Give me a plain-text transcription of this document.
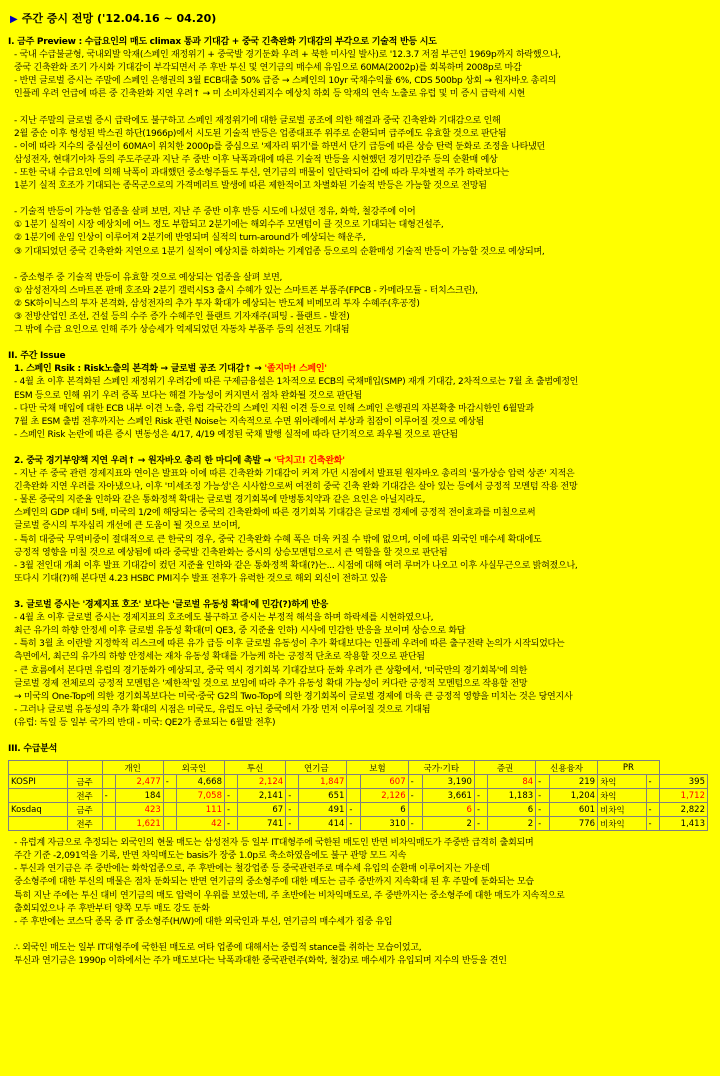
▶ 주간 증시 전망 ('12.04.16 ~ 04.20)
I. 금주 Preview : 수급요인의 매도 climax 통과 기대감 + 중국 긴축완화 기대감의 부각으로 기술적 반등 시도
- 국내 수급불균형, 국내외발 악재(스페인 재정위기 + 중국발 경기둔화 우려 + 북한 미사일 발사)로 '12.3.7 저점 부근인 1969p까지 하락했으나,
중국 긴축완화 조기 가시화 기대감이 부각되면서 주 후반 투신 및 연기금의 매수세 유입으로 60MA(2002p)를 회복하며 2008p로 마감
- 반면 글로벌 증시는 주말에 스페인 은행권의 3월 ECB대출 50% 급증 → 스페인의 10yr 국채수익률 6%, CDS 500bp 상회 → 원자바오 총리의
인플레 우려 언급에 따른 중 긴축완화 지연 우려↑ → 미 소비자신뢰지수 예상치 하회 등 악재의 연속 노출로 유럽 및 미 증시 급락세 시현
- 지난 주말의 글로벌 증시 급락에도 불구하고 스페인 재정위기에 대한 글로벌 공조에 의한 해결과 중국 긴축완화 기대감으로 인해
2월 중순 이후 형성된 박스권 하단(1966p)에서 시도된 기술적 반등은 업종대표주 위주로 순환되며 급주에도 유효할 것으로 판단됨
- 이에 따라 지수의 중심선이 60MA이 위치한 2000p를 중심으로 '제자리 뛰기'를 하면서 단기 급등에 따른 상승 탄력 둔화로 조정을 나타냈던
삼성전자, 현대기아차 등의 주도주군과 지난 주 중반 이후 낙폭과대에 따른 기술적 반등을 시현했던 경기민감주 등의 순환매 예상
- 또한 국내 수급요인에 의해 낙폭이 과대했던 중소형주들도 투신, 연기금의 매물이 일단락되어 감에 따라 무차별적 주가 하락보다는
1분기 실적 호조가 기대되는 종목군으로의 가격메리트 발생에 따른 제한적이고 차별화된 기술적 반등은 가능할 것으로 전망됨
- 기술적 반등이 가능한 업종을 살펴 보면, 지난 주 중반 이후 반등 시도에 나섰던 정유, 화학, 철강주에 이어
① 1분기 실적이 시장 예상치에 어느 정도 부합되고 2분기에는 해외수주 모멘텀이 클 것으로 기대되는 대형건설주,
② 1분기에 운임 인상이 이루어져 2분기에 반영되며 실적의 turn-around가 예상되는 해운주,
③ 기대되었던 중국 긴축완화 지연으로 1분기 실적이 예상치를 하회하는 기계업종 등으로의 순환매성 기술적 반등이 가능할 것으로 예상되며,
- 중소형주 중 기술적 반등이 유효할 것으로 예상되는 업종을 살펴 보면,
① 삼성전자의 스마트폰 판매 호조와 2분기 갤럭시S3 출시 수혜가 있는 스마트폰 부품주(FPCB - 카메라모듈 - 터치스크린),
② SK하이닉스의 투자 본격화, 삼성전자의 추가 투자 확대가 예상되는 반도체 비메모리 투자 수혜주(후공정)
③ 전방산업인 조선, 건설 등의 수주 증가 수혜주인 플랜트 기자재주(피팅 - 플랜트 - 발전)
그 밖에 수급 요인으로 인해 주가 상승세가 억제되었던 자동차 부품주 등의 선전도 기대됨
II. 주간 Issue
1. 스페인 Rsik : Risk노출의 본격화 → 글로벌 공조 기대감↑ → '졸지마! 스페인'
- 4월 초 이후 본격화된 스페인 재정위기 우려감에 따른 구제금융설은 1차적으로 ECB의 국채매입(SMP) 재개 기대감, 2차적으로는 7월 초 출범예정인
ESM 등으로 인해 위기 우려 증폭 보다는 해결 가능성이 커지면서 점차 완화될 것으로 판단됨
- 다만 국채 매입에 대한 ECB 내부 이견 노출, 유럽 각국간의 스페인 지원 이견 등으로 인해 스페인 은행권의 자본확충 마감시한인 6월말과
7월 초 ESM 출범 전후까지는 스페인 Risk 관련 Noise는 지속적으로 수면 위아래에서 부상과 침잠이 이루어질 것으로 예상됨
- 스페인 Risk 논란에 따른 증시 변동성은 4/17, 4/19 예정된 국채 발행 실적에 따라 단기적으로 좌우될 것으로 판단됨
2. 중국 경기부양책 지연 우려↑ → 원자바오 총리 한 마디에 촉발 → '닥치고! 긴축완화'
- 지난 주 중국 관련 경제지표와 연이은 발표와 이에 따른 긴축완화 기대감이 커져 가던 시점에서 발표된 원자바오 총리의 '물가상승 압력 상존' 지적은
긴축완화 지연 우려를 자아냈으나, 이후 '미세조정 가능성'은 시사함으로써 여전히 중국 긴축 완화 기대감은 살아 있는 등에서 긍정적 모멘텀 작용 전망
- 물론 중국의 지준율 인하와 같은 통화정책 확대는 글로벌 경기회복에 만병통치약과 같은 요인은 아닐지라도,
스페인의 GDP 대비 5배, 미국의 1/2에 해당되는 중국의 긴축완화에 따른 경기회복 기대감은 글로벌 경제에 긍정적 전이효과를 미칠으로써
글로벌 증시의 투자심리 개선에 큰 도움이 될 것으로 보이며,
- 특히 대중국 무역비중이 절대적으로 큰 한국의 경우, 중국 긴축완화 수혜 폭은 더욱 커질 수 밖에 없으며, 이에 따른 외국인 매수세 확대에도
긍정적 영향을 미칠 것으로 예상됨에 따라 중국발 긴축완화는 증시의 상승모멘텀으로서 큰 역할을 할 것으로 판단됨
- 3월 전인대 개최 이후 발표 기대감이 컸던 지준율 인하와 같은 통화정책 확대(?)는... 시점에 대해 여러 루머가 나오고 이후 사실무근으로 밝혀졌으나,
또다시 기대(?)해 본다면 4.23 HSBC PMI지수 발표 전후가 유력한 것으로 해외 외신이 전하고 있음
3. 글로벌 증시는 '경제지표 호조' 보다는 '글로벌 유동성 확대'에 민감(?)하게 반응
- 4월 초 이후 글로벌 증시는 경제지표의 호조에도 불구하고 증시는 부정적 해석을 하며 하락세를 시현하였으나,
최근 유가의 하향 안정세 이후 글로벌 유동성 확대(미 QE3, 중 지준율 인하) 시사에 민감한 반응을 보이며 상승으로 화답
- 특히 3월 초 이란발 지정학적 리스크에 따른 유가 급등 이후 글로벌 유동성이 추가 확대보다는 인플레 우려에 따른 출구전략 논의가 시작되었다는
측면에서, 최근의 유가의 하향 안정세는 재차 유동성 확대를 가능케 하는 긍정적 단초로 작용할 것으로 판단됨
- 큰 흐름에서 본다면 유럽의 경기둔화가 예상되고, 중국 역시 경기회복 기대감보다 둔화 우려가 큰 상황에서, '미국만의 경기회복'에 의한
글로벌 경제 전체로의 긍정적 모멘텀은 '제한적'일 것으로 보임에 따라 추가 유동성 확대 가능성이 커다란 긍정적 모멘텀으로 작용할 전망
→ 미국의 One-Top에 의한 경기회복보다는 미국·중국 G2의 Two-Top에 의한 경기회복이 글로벌 경제에 더욱 큰 긍정적 영향을 미치는 것은 당연지사
- 그러나 글로벌 유동성의 추가 확대의 시점은 미국도, 유럽도 아닌 중국에서 가장 먼저 이루어질 것으로 기대됨
(유럽: 독일 등 일부 국가의 반대 - 미국: QE2가 종료되는 6월말 전후)
III. 수급분석
		개인		외국인		투신		연기금		보험		국가·기타		증권		신용융자		PR		
KOSPI	금주		2,477	-	4,668		2,124		1,847		607	-	3,190		84	-	219	차익	-	395
	전주	-	184		7,058	-	2,141	-	651		2,126	-	3,661	-	1,183	-	1,204	차익		1,712
Kosdaq	금주		423		111	-	67	-	491	-	6		6	-	6	-	601	비차익	-	2,822
	전주		1,621		42	-	741	-	414	-	310	-	2	-	2	-	776	비차익	-	1,413
- 유럽계 자금으로 추정되는 외국인의 현물 매도는 삼성전자 등 일부 IT대형주에 국한된 매도인 반면 비차익매도가 주중반 급격히 출회되며
주간 기준 -2,091억을 기록, 반면 차익매도는 basis가 장중 1.0p로 축소하였음에도 불구 관망 모드 지속
- 투신과 연기금은 주 중반에는 화학업종으로, 주 후반에는 철강업종 등 중국관련주로 매수세 유입의 순환매 이루어지는 가운데
중소형주에 대한 투신의 매물은 점차 둔화되는 반면 연기금의 중소형주에 대한 매도는 금주 중반까지 지속확대 된 후 주말에 둔화되는 모습
특히 지난 주에는 투신 대비 연기금의 매도 압력이 우위를 보였는데, 주 초반에는 비차익매도로, 주 중반까지는 중소형주에 대한 매도가 지속적으로
출회되었으나 주 후반부터 양쪽 모두 매도 강도 둔화
- 주 후반에는 코스닥 종목 중 IT 중소형주(H/W)에 대한 외국인과 투신, 연기금의 매수세가 집중 유입
∴ 외국인 매도는 일부 IT대형주에 국한된 매도로 여타 업종에 대해서는 중립적 stance를 취하는 모습이었고,
투신과 연기금은 1990p 이하에서는 주가 매도보다는 낙폭과대한 중국관련주(화학, 철강)로 매수세가 유입되며 지수의 반등을 견인
